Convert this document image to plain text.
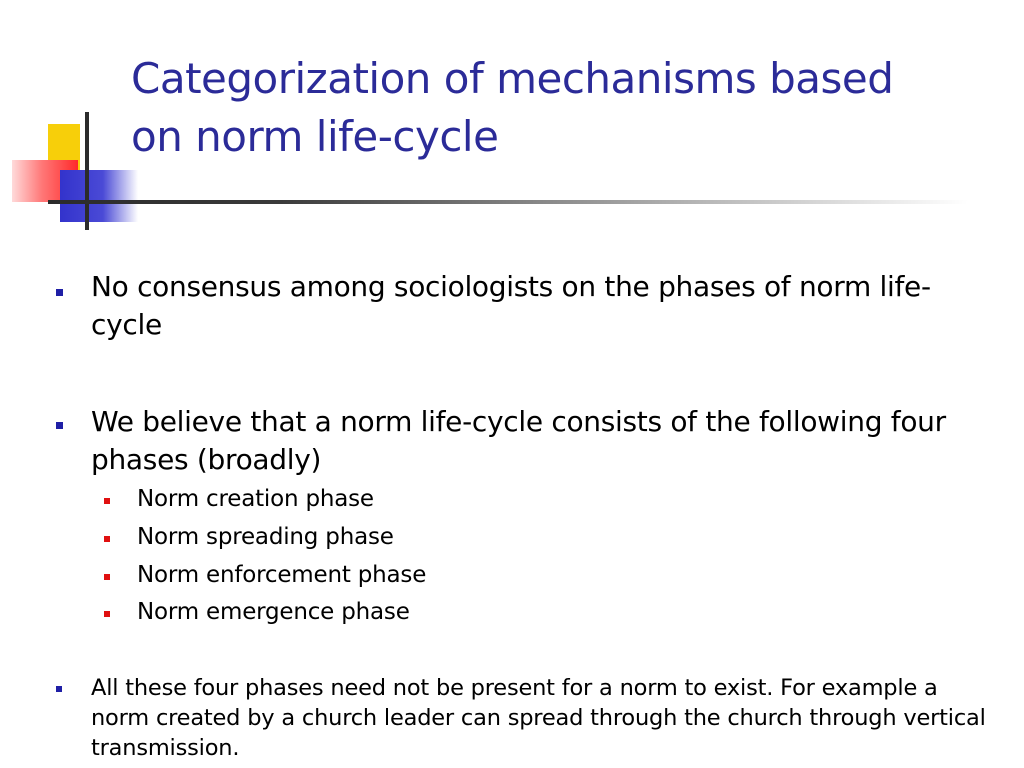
Categorization of mechanisms based
on norm life-cycle
No consensus among sociologists on the phases of norm life-cycle
We believe that a norm life-cycle consists of the following four phases (broadly)
Norm creation phase
Norm spreading phase
Norm enforcement phase
Norm emergence phase
All these four phases need not be present for a norm to exist. For example a norm created by a church leader can spread through the church through vertical transmission.
